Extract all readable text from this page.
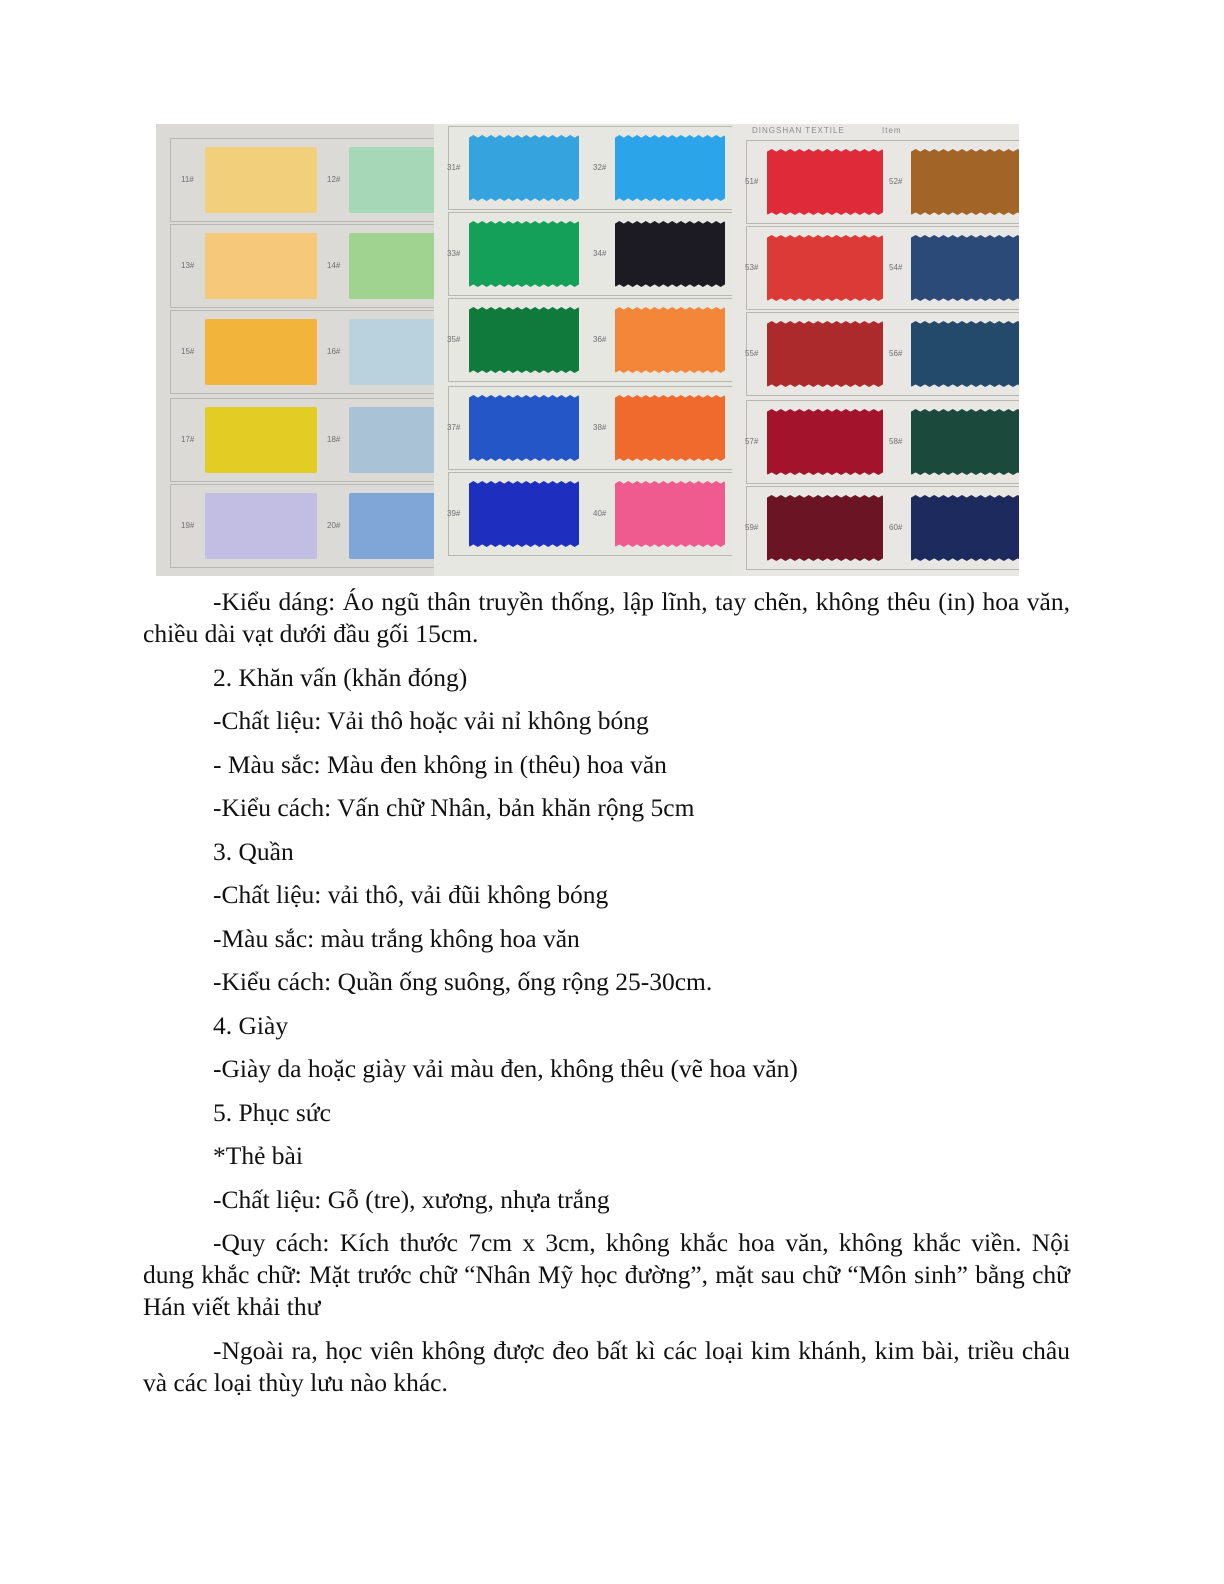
11#	12#
13#	14#
15#	16#
17#	18#
19#	20#
31#	32#
33#	34#
35#	36#
37#	38#
39#	40#
DINGSHAN TEXTILE	Item
51#	52#
53#	54#
55#	56#
57#	58#
59#	60#

-Kiểu dáng: Áo ngũ thân truyền thống, lập lĩnh, tay chẽn, không thêu (in) hoa văn, chiều dài vạt dưới đầu gối 15cm.

2. Khăn vấn (khăn đóng)

-Chất liệu: Vải thô hoặc vải nỉ không bóng

- Màu sắc: Màu đen không in (thêu) hoa văn

-Kiểu cách: Vấn chữ Nhân, bản khăn rộng 5cm

3. Quần

-Chất liệu: vải thô, vải đũi không bóng

-Màu sắc: màu trắng không hoa văn

-Kiểu cách: Quần ống suông, ống rộng 25-30cm.

4. Giày

-Giày da hoặc giày vải màu đen, không thêu (vẽ hoa văn)

5. Phục sức

*Thẻ bài

-Chất liệu: Gỗ (tre), xương, nhựa trắng

-Quy cách: Kích thước 7cm x 3cm, không khắc hoa văn, không khắc viền. Nội dung khắc chữ: Mặt trước chữ “Nhân Mỹ học đường”, mặt sau chữ “Môn sinh” bằng chữ Hán viết khải thư

-Ngoài ra, học viên không được đeo bất kì các loại kim khánh, kim bài, triều châu và các loại thùy lưu nào khác.
